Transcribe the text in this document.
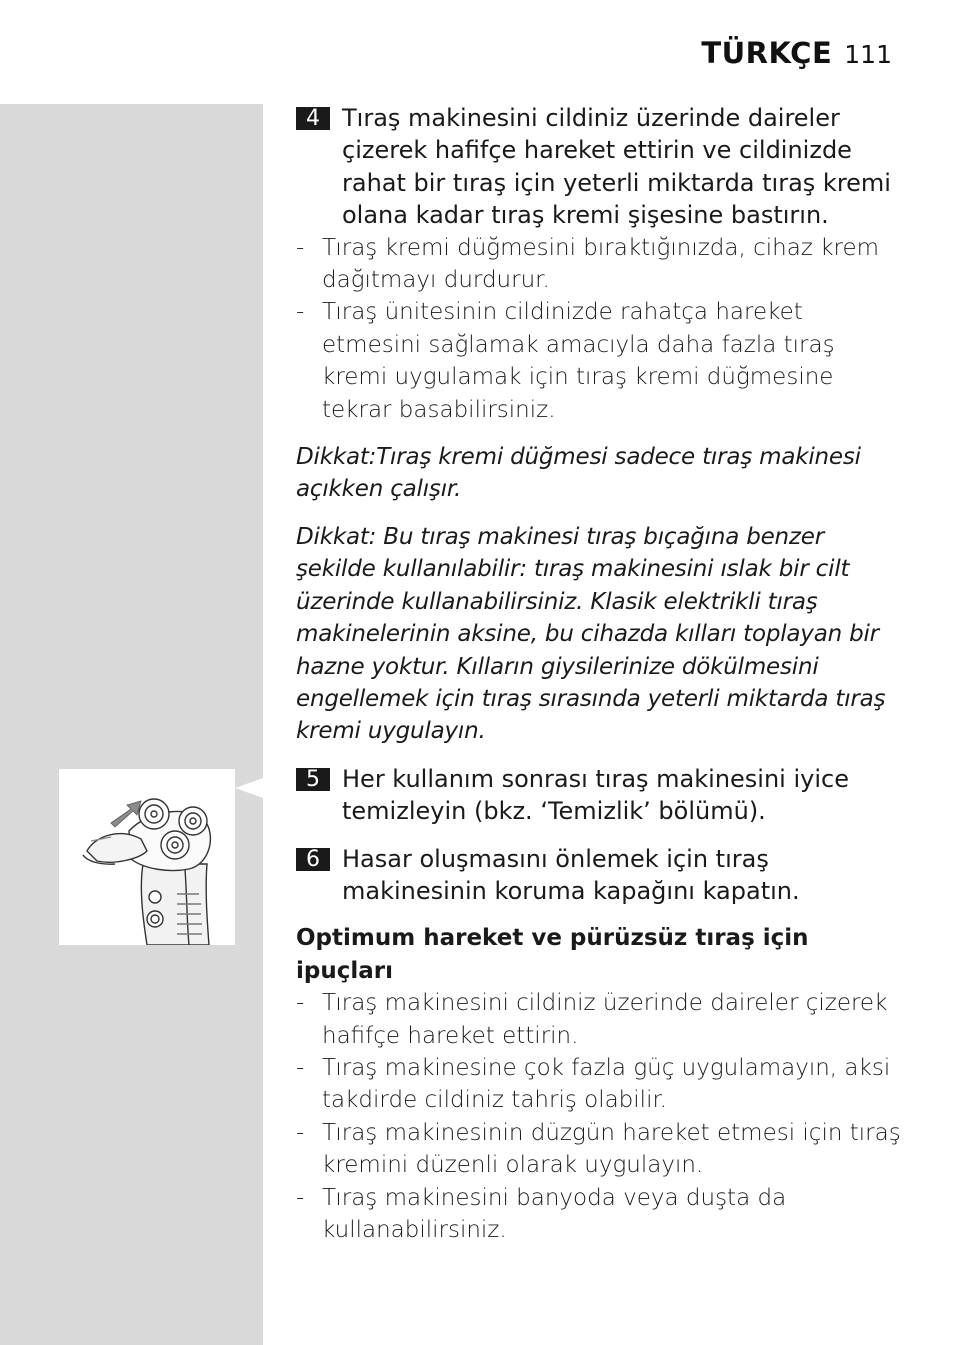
TÜRKÇE 111
4 Tıraş makinesini cildiniz üzerinde daireler çizerek hafifçe hareket ettirin ve cildinizde rahat bir tıraş için yeterli miktarda tıraş kremi olana kadar tıraş kremi şişesine bastırın.
- Tıraş kremi düğmesini bıraktığınızda, cihaz krem dağıtmayı durdurur.
- Tıraş ünitesinin cildinizde rahatça hareket etmesini sağlamak amacıyla daha fazla tıraş kremi uygulamak için tıraş kremi düğmesine tekrar basabilirsiniz.
Dikkat:Tıraş kremi düğmesi sadece tıraş makinesi açıkken çalışır.
Dikkat: Bu tıraş makinesi tıraş bıçağına benzer şekilde kullanılabilir: tıraş makinesini ıslak bir cilt üzerinde kullanabilirsiniz. Klasik elektrikli tıraş makinelerinin aksine, bu cihazda kılları toplayan bir hazne yoktur. Kılların giysilerinize dökülmesini engellemek için tıraş sırasında yeterli miktarda tıraş kremi uygulayın.
5 Her kullanım sonrası tıraş makinesini iyice temizleyin (bkz. ‘Temizlik’ bölümü).
6 Hasar oluşmasını önlemek için tıraş makinesinin koruma kapağını kapatın.
Optimum hareket ve pürüzsüz tıraş için ipuçları
- Tıraş makinesini cildiniz üzerinde daireler çizerek hafifçe hareket ettirin.
- Tıraş makinesine çok fazla güç uygulamayın, aksi takdirde cildiniz tahriş olabilir.
- Tıraş makinesinin düzgün hareket etmesi için tıraş kremini düzenli olarak uygulayın.
- Tıraş makinesini banyoda veya duşta da kullanabilirsiniz.
